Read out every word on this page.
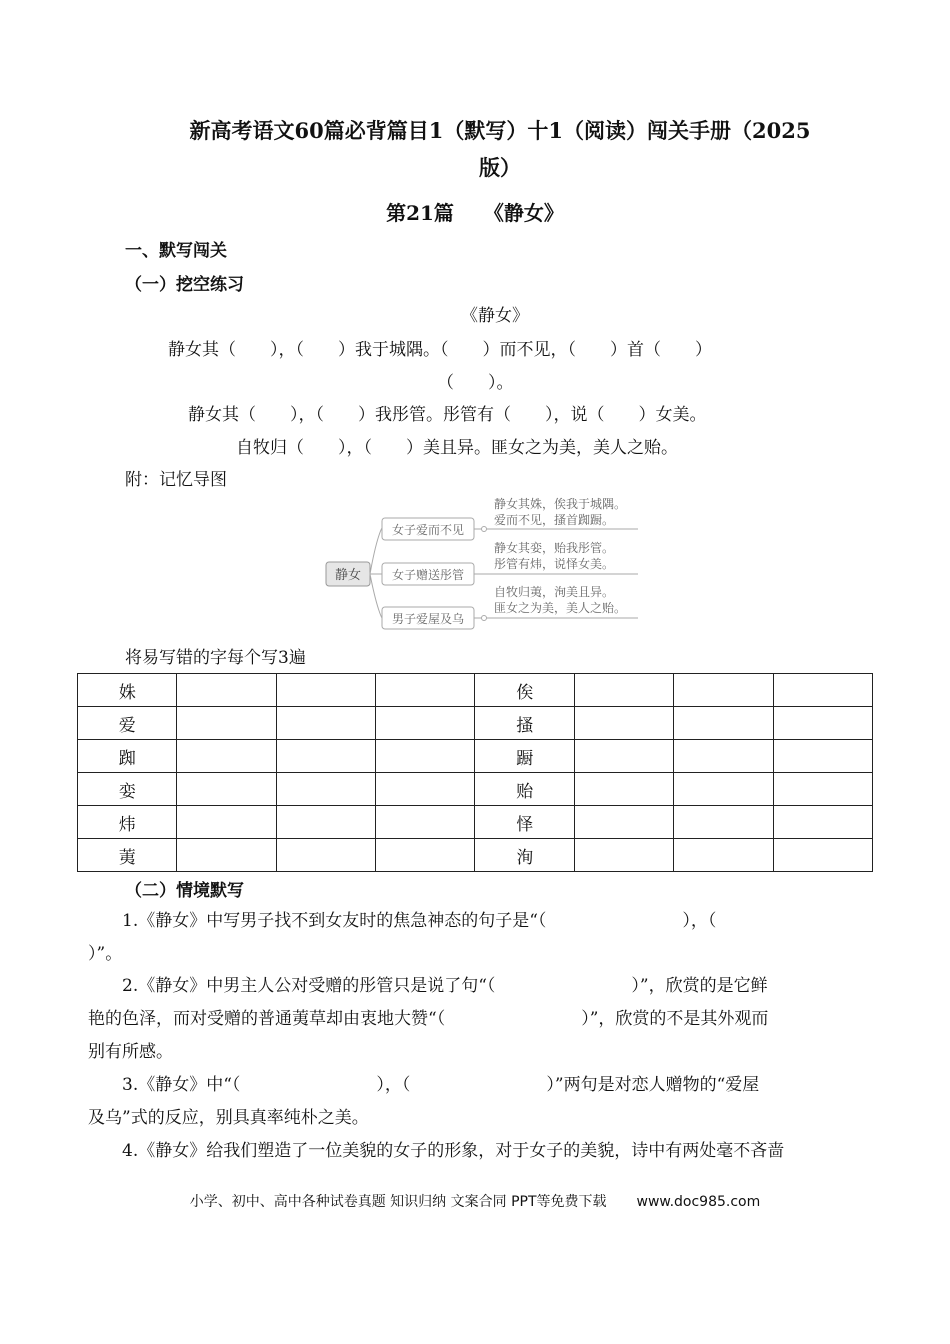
新高考语文60篇必背篇目1（默写）十1（阅读）闯关手册（2025
版）
第21篇　　《静女》
一、默写闯关
（一）挖空练习
《静女》
静女其（　　），（　　）我于城隅。（　　）而不见，（　　）首（　　）
（　　）。
静女其（　　），（　　）我彤管。彤管有（　　），说（　　）女美。
自牧归（　　），（　　）美且异。匪女之为美，美人之贻。
附：记忆导图
静女
女子爱而不见
静女其姝，俟我于城隅。
爱而不见，搔首踟蹰。
女子赠送彤管
静女其娈，贻我彤管。
彤管有炜，说怿女美。
男子爱屋及乌
自牧归荑，洵美且异。
匪女之为美，美人之贻。
将易写错的字每个写3遍
姝				俟			
爱				搔			
踟				蹰			
娈				贻			
炜				怿			
荑				洵			
（二）情境默写
1.《静女》中写男子找不到女友时的焦急神态的句子是“（　　　　　　　　），（
）”。
2.《静女》中男主人公对受赠的彤管只是说了句“（　　　　　　　　）”，欣赏的是它鲜
艳的色泽，而对受赠的普通荑草却由衷地大赞“（　　　　　　　　）”，欣赏的不是其外观而
别有所感。
3.《静女》中“（　　　　　　　　），（　　　　　　　　）”两句是对恋人赠物的“爱屋
及乌”式的反应，别具真率纯朴之美。
4.《静女》给我们塑造了一位美貌的女子的形象，对于女子的美貌，诗中有两处毫不吝啬
小学、初中、高中各种试卷真题 知识归纳 文案合同 PPT等免费下载 www.doc985.com
